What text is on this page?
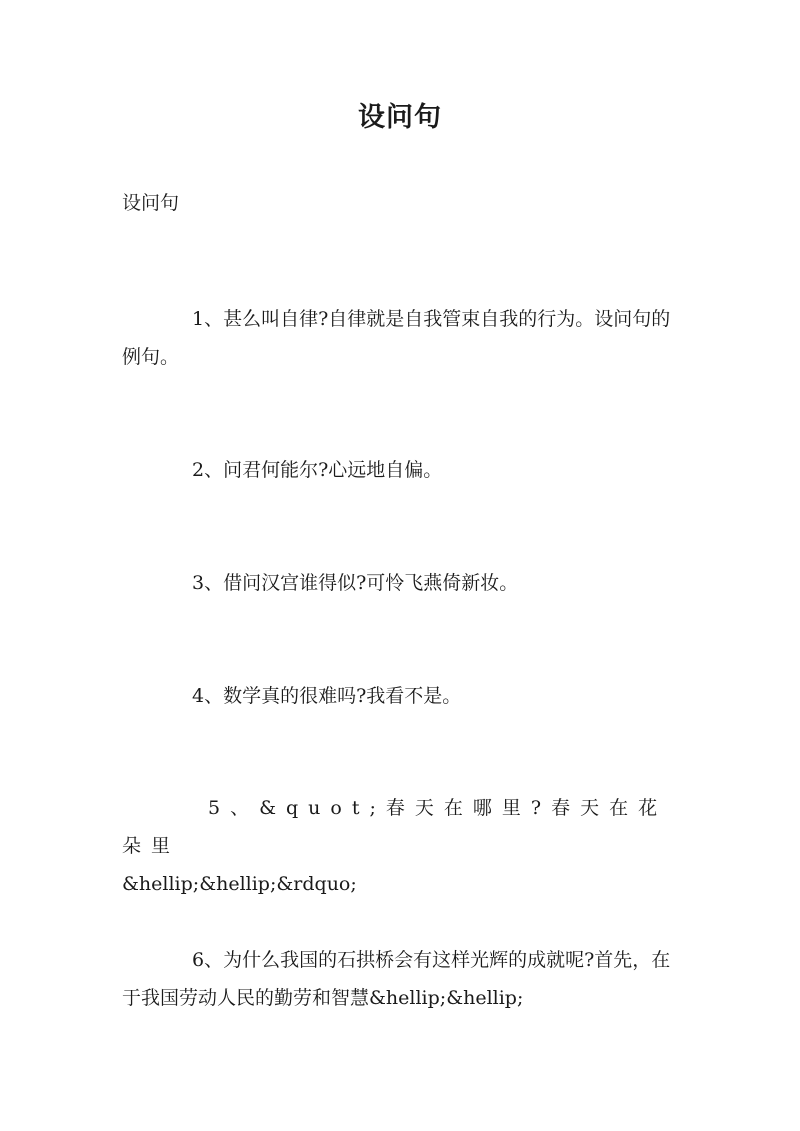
设问句
设问句

1、甚么叫自律?自律就是自我管束自我的行为。设问句的例句。

2、问君何能尔?心远地自偏。

3、借问汉宫谁得似?可怜飞燕倚新妆。

4、数学真的很难吗?我看不是。

5、&quot;春天在哪里?春天在花朵里
&hellip;&hellip;&rdquo;

6、为什么我国的石拱桥会有这样光辉的成就呢?首先，在于我国劳动人民的勤劳和智慧&hellip;&hellip;
